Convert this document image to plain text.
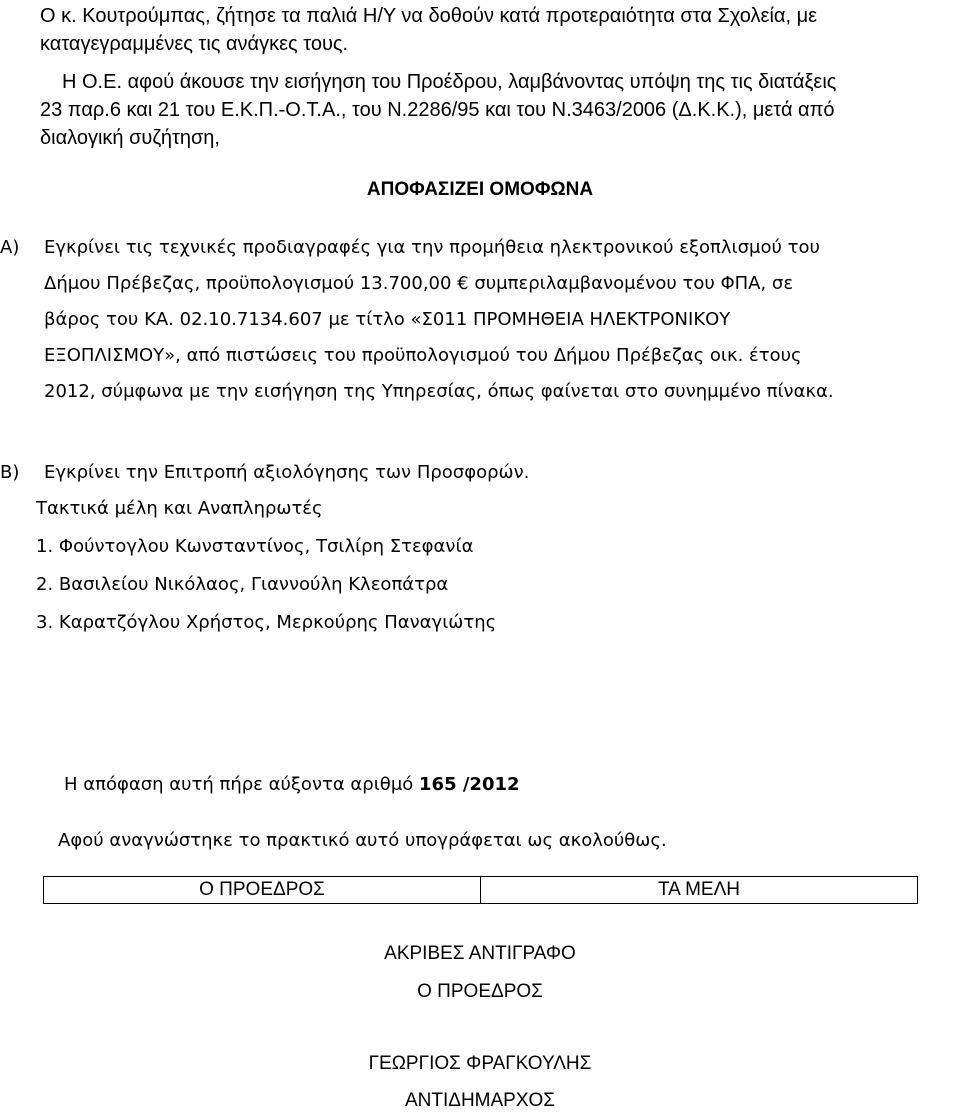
Ο κ. Κουτρούμπας, ζήτησε τα παλιά Η/Υ να δοθούν κατά προτεραιότητα στα Σχολεία, με
καταγεγραμμένες τις ανάγκες τους.
Η Ο.Ε. αφού άκουσε την εισήγηση του Προέδρου, λαμβάνοντας υπόψη της τις διατάξεις
23 παρ.6 και 21 του Ε.Κ.Π.-Ο.Τ.Α., του Ν.2286/95 και του Ν.3463/2006 (Δ.Κ.Κ.), μετά από
διαλογική συζήτηση,
ΑΠΟΦΑΣΙΖΕΙ ΟΜΟΦΩΝΑ
Α) Εγκρίνει τις τεχνικές προδιαγραφές για την προμήθεια ηλεκτρονικού εξοπλισμού του
Δήμου Πρέβεζας, προϋπολογισμού 13.700,00 € συμπεριλαμβανομένου του ΦΠΑ, σε
βάρος του ΚΑ. 02.10.7134.607 με τίτλο «Σ011 ΠΡΟΜΗΘΕΙΑ ΗΛΕΚΤΡΟΝΙΚΟΥ
ΕΞΟΠΛΙΣΜΟΥ», από πιστώσεις του προϋπολογισμού του Δήμου Πρέβεζας οικ. έτους
2012, σύμφωνα με την εισήγηση της Υπηρεσίας, όπως φαίνεται στο συνημμένο πίνακα.
Β) Εγκρίνει την Επιτροπή αξιολόγησης των Προσφορών.
Τακτικά μέλη και Αναπληρωτές
1. Φούντογλου Κωνσταντίνος, Τσιλίρη Στεφανία
2. Βασιλείου Νικόλαος, Γιαννούλη Κλεοπάτρα
3. Καρατζόγλου Χρήστος, Μερκούρης Παναγιώτης
Η απόφαση αυτή πήρε αύξοντα αριθμό 165 /2012
Αφού αναγνώστηκε το πρακτικό αυτό υπογράφεται ως ακολούθως.
Ο ΠΡΟΕΔΡΟΣ	ΤΑ ΜΕΛΗ
ΑΚΡΙΒΕΣ ΑΝΤΙΓΡΑΦΟ
Ο ΠΡΟΕΔΡΟΣ
ΓΕΩΡΓΙΟΣ ΦΡΑΓΚΟΥΛΗΣ
ΑΝΤΙΔΗΜΑΡΧΟΣ
